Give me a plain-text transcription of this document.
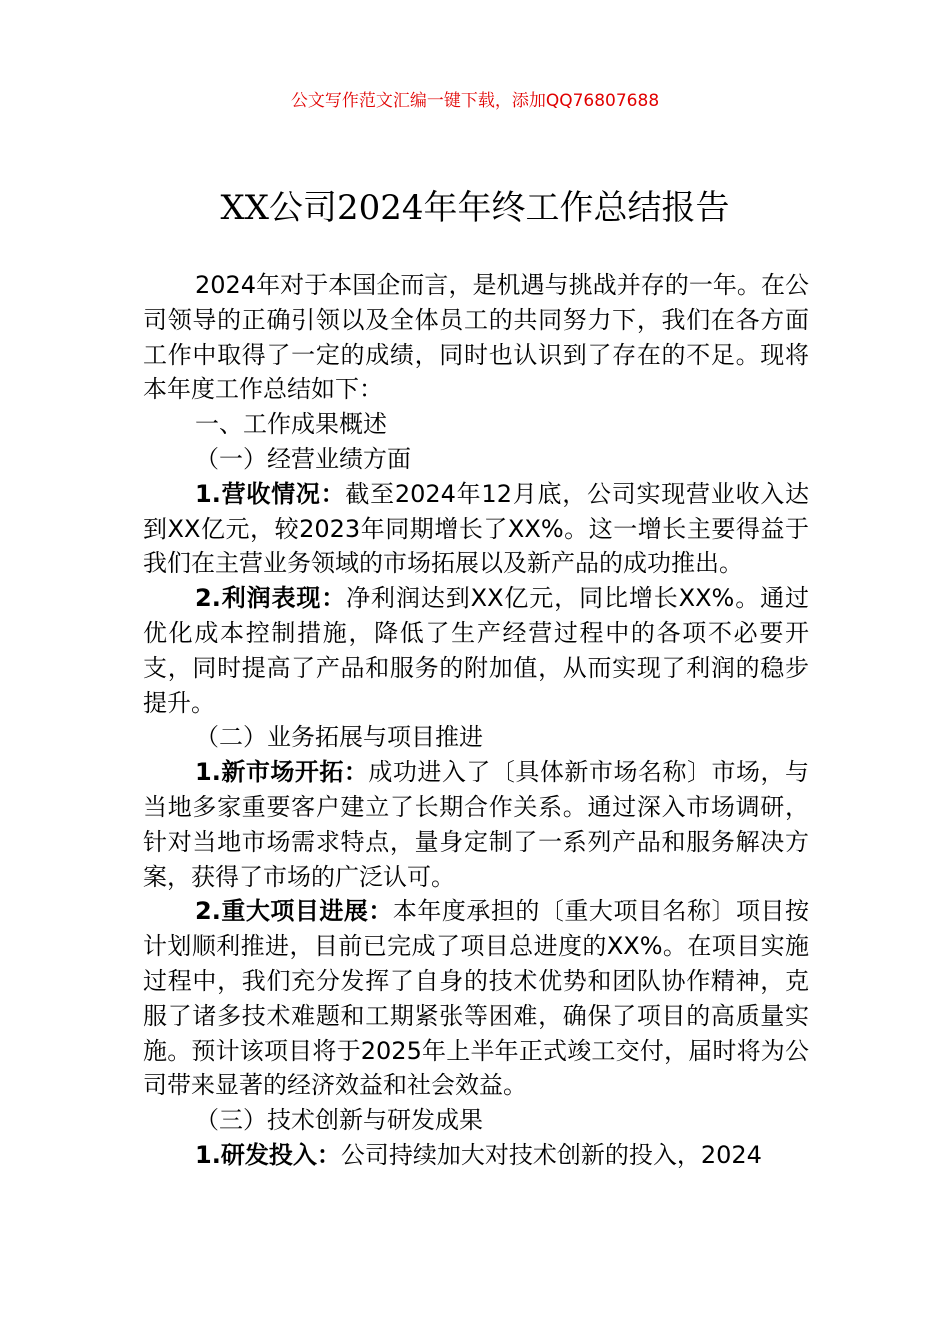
公文写作范文汇编一键下载，添加QQ76807688
XX公司2024年年终工作总结报告

2024年对于本国企而言，是机遇与挑战并存的一年。在公司领导的正确引领以及全体员工的共同努力下，我们在各方面工作中取得了一定的成绩，同时也认识到了存在的不足。现将本年度工作总结如下：

一、工作成果概述

（一）经营业绩方面

1.营收情况：截至2024年12月底，公司实现营业收入达到XX亿元，较2023年同期增长了XX%。这一增长主要得益于我们在主营业务领域的市场拓展以及新产品的成功推出。

2.利润表现：净利润达到XX亿元，同比增长XX%。通过优化成本控制措施，降低了生产经营过程中的各项不必要开支，同时提高了产品和服务的附加值，从而实现了利润的稳步提升。

（二）业务拓展与项目推进

1.新市场开拓：成功进入了〔具体新市场名称〕市场，与当地多家重要客户建立了长期合作关系。通过深入市场调研，针对当地市场需求特点，量身定制了一系列产品和服务解决方案，获得了市场的广泛认可。

2.重大项目进展：本年度承担的〔重大项目名称〕项目按计划顺利推进，目前已完成了项目总进度的XX%。在项目实施过程中，我们充分发挥了自身的技术优势和团队协作精神，克服了诸多技术难题和工期紧张等困难，确保了项目的高质量实施。预计该项目将于2025年上半年正式竣工交付，届时将为公司带来显著的经济效益和社会效益。

（三）技术创新与研发成果

1.研发投入：公司持续加大对技术创新的投入，2024
